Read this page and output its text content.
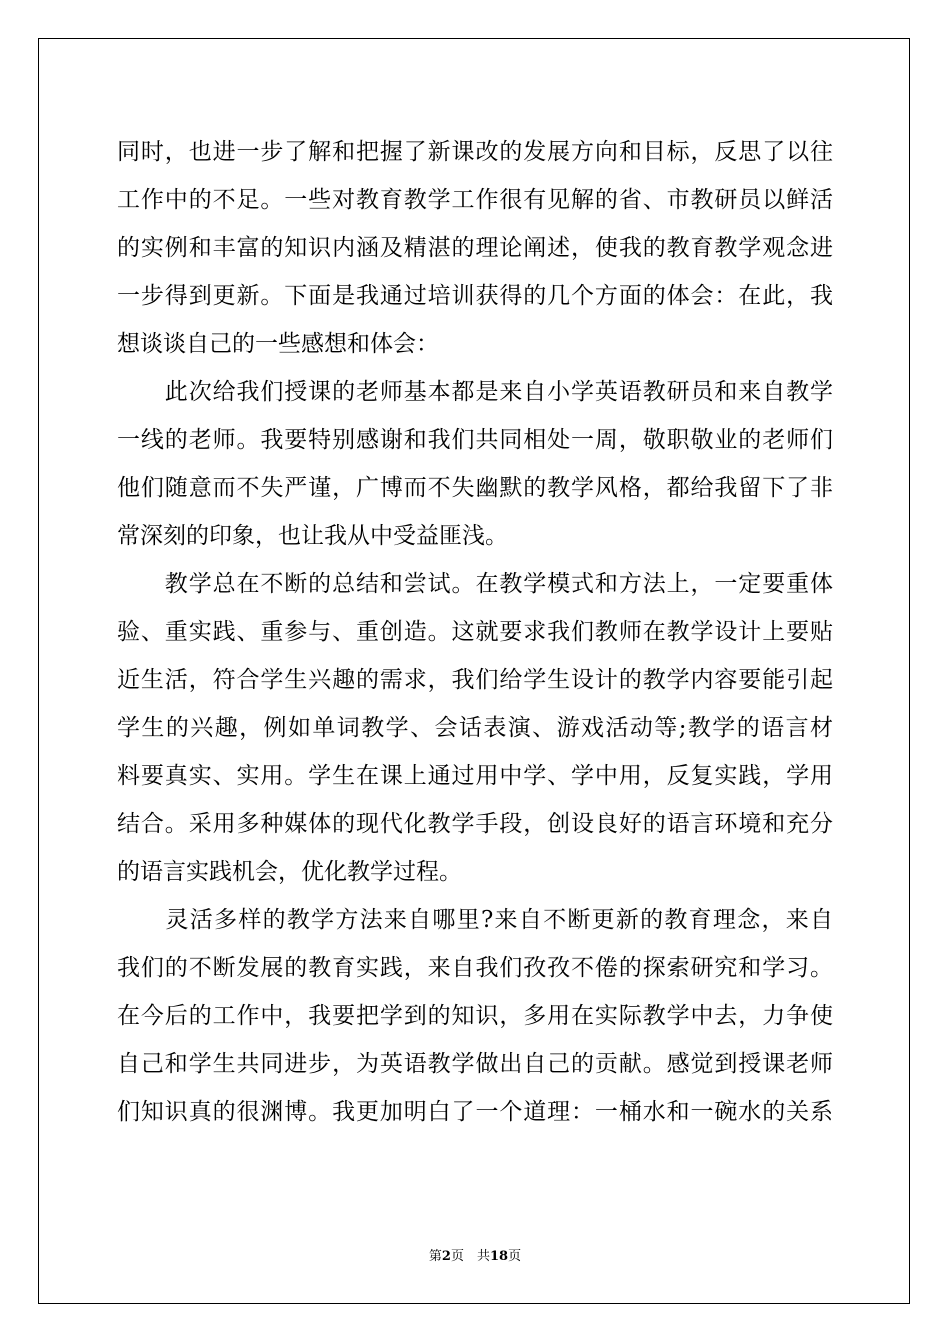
同时，也进一步了解和把握了新课改的发展方向和目标，反思了以往
工作中的不足。一些对教育教学工作很有见解的省、市教研员以鲜活
的实例和丰富的知识内涵及精湛的理论阐述，使我的教育教学观念进
一步得到更新。下面是我通过培训获得的几个方面的体会：在此，我
想谈谈自己的一些感想和体会：
　　此次给我们授课的老师基本都是来自小学英语教研员和来自教学
一线的老师。我要特别感谢和我们共同相处一周，敬职敬业的老师们
他们随意而不失严谨，广博而不失幽默的教学风格，都给我留下了非
常深刻的印象，也让我从中受益匪浅。
　　教学总在不断的总结和尝试。在教学模式和方法上，一定要重体
验、重实践、重参与、重创造。这就要求我们教师在教学设计上要贴
近生活，符合学生兴趣的需求，我们给学生设计的教学内容要能引起
学生的兴趣，例如单词教学、会话表演、游戏活动等;教学的语言材
料要真实、实用。学生在课上通过用中学、学中用，反复实践，学用
结合。采用多种媒体的现代化教学手段，创设良好的语言环境和充分
的语言实践机会，优化教学过程。
　　灵活多样的教学方法来自哪里?来自不断更新的教育理念，来自
我们的不断发展的教育实践，来自我们孜孜不倦的探索研究和学习。
在今后的工作中，我要把学到的知识，多用在实际教学中去，力争使
自己和学生共同进步，为英语教学做出自己的贡献。感觉到授课老师
们知识真的很渊博。我更加明白了一个道理：一桶水和一碗水的关系
第2页　共18页
